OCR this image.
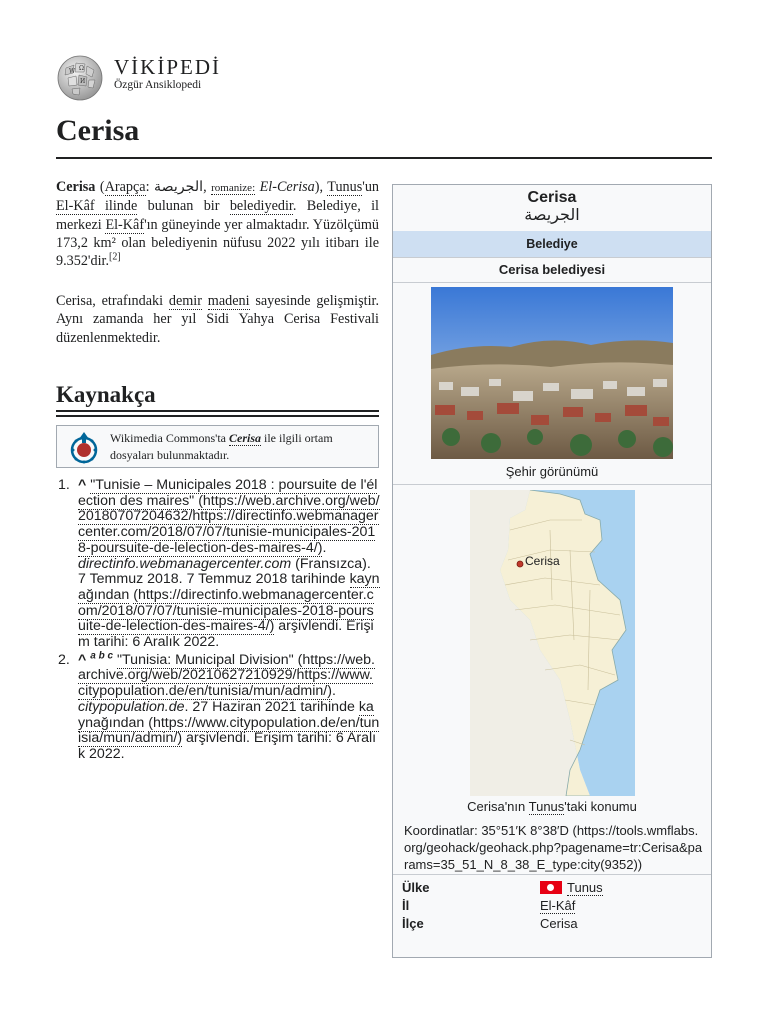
W Ω
И
VİKİPEDİ
Özgür Ansiklopedi
Cerisa

Cerisa (Arapça: الجريصة, romanize: El-Cerisa), Tunus'un El-Kâf ilinde bulunan bir belediyedir. Belediye, il merkezi El-Kâf'ın güneyinde yer almaktadır. Yüzölçümü 173,2 km² olan belediyenin nüfusu 2022 yılı itibarı ile 9.352'dir.[2]

Cerisa, etrafındaki demir madeni sayesinde gelişmiştir. Aynı zamanda her yıl Sidi Yahya Cerisa Festivali düzenlenmektedir.

Kaynakça
Wikimedia Commons'ta Cerisa ile ilgili ortam dosyaları bulunmaktadır.
1. ^ "Tunisie – Municipales 2018 : poursuite de l'élection des maires" (https://web.archive.org/web/20180707204632/https://directinfo.webmanagercenter.com/2018/07/07/tunisie-municipales-2018-poursuite-de-lelection-des-maires-4/). directinfo.webmanagercenter.com (Fransızca). 7 Temmuz 2018. 7 Temmuz 2018 tarihinde kaynağından (https://directinfo.webmanagercenter.com/2018/07/07/tunisie-municipales-2018-poursuite-de-lelection-des-maires-4/) arşivlendi. Erişim tarihi: 6 Aralık 2022.
2. ^ $^{a b c}$ "Tunisia: Municipal Division" (https://web.archive.org/web/20210627210929/https://www.citypopulation.de/en/tunisia/mun/admin/). citypopulation.de. 27 Haziran 2021 tarihinde kaynağından (https://www.citypopulation.de/en/tunisia/mun/admin/) arşivlendi. Erişim tarihi: 6 Aralık 2022.
Cerisa
الجريصة
Belediye
Cerisa belediyesi
Şehir görünümü
Cerisa
Cerisa'nın Tunus'taki konumu
Koordinatlar: 35°51′K 8°38′D (https://tools.wmflabs.org/geohack/geohack.php?pagename=tr:Cerisa&params=35_51_N_8_38_E_type:city(9352))
Ülke	Tunus
İl	El-Kâf
İlçe	Cerisa
